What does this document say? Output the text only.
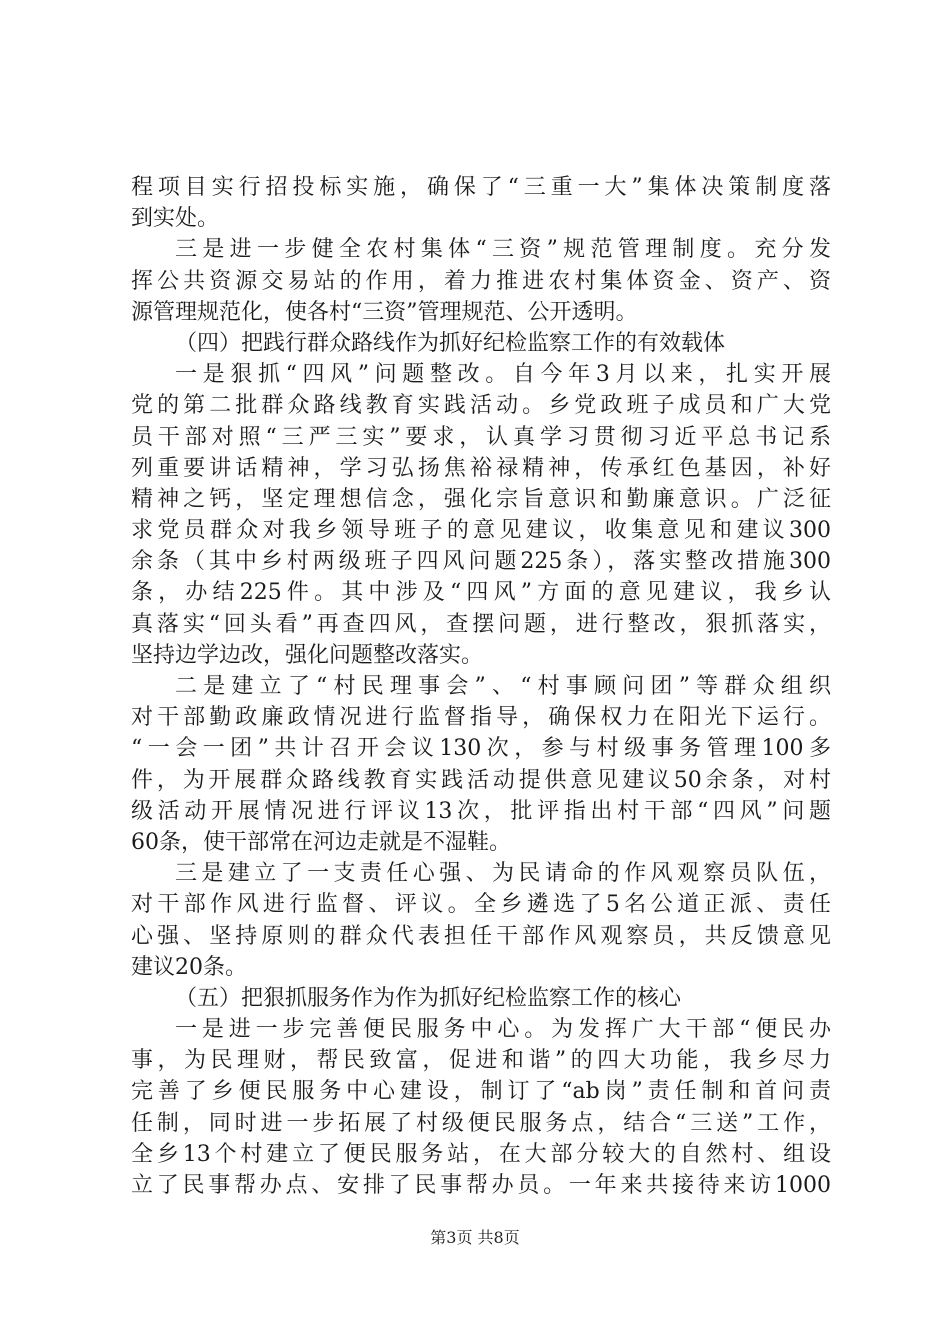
程项目实行招投标实施，确保了“三重一大”集体决策制度落
到实处。
三是进一步健全农村集体“三资”规范管理制度。充分发
挥公共资源交易站的作用，着力推进农村集体资金、资产、资
源管理规范化，使各村“三资”管理规范、公开透明。
（四）把践行群众路线作为抓好纪检监察工作的有效载体
一是狠抓“四风”问题整改。自今年3月以来，扎实开展
党的第二批群众路线教育实践活动。乡党政班子成员和广大党
员干部对照“三严三实”要求，认真学习贯彻习近平总书记系
列重要讲话精神，学习弘扬焦裕禄精神，传承红色基因，补好
精神之钙，坚定理想信念，强化宗旨意识和勤廉意识。广泛征
求党员群众对我乡领导班子的意见建议，收集意见和建议300
余条（其中乡村两级班子四风问题225条），落实整改措施300
条，办结225件。其中涉及“四风”方面的意见建议，我乡认
真落实“回头看”再查四风，查摆问题，进行整改，狠抓落实，
坚持边学边改，强化问题整改落实。
二是建立了“村民理事会”、“村事顾问团”等群众组织
对干部勤政廉政情况进行监督指导，确保权力在阳光下运行。
“一会一团”共计召开会议130次，参与村级事务管理100多
件，为开展群众路线教育实践活动提供意见建议50余条，对村
级活动开展情况进行评议13次，批评指出村干部“四风”问题
60条，使干部常在河边走就是不湿鞋。
三是建立了一支责任心强、为民请命的作风观察员队伍，
对干部作风进行监督、评议。全乡遴选了5名公道正派、责任
心强、坚持原则的群众代表担任干部作风观察员，共反馈意见
建议20条。
（五）把狠抓服务作为作为抓好纪检监察工作的核心
一是进一步完善便民服务中心。为发挥广大干部“便民办
事，为民理财，帮民致富，促进和谐”的四大功能，我乡尽力
完善了乡便民服务中心建设，制订了“ab岗”责任制和首问责
任制，同时进一步拓展了村级便民服务点，结合“三送”工作，
全乡13个村建立了便民服务站，在大部分较大的自然村、组设
立了民事帮办点、安排了民事帮办员。一年来共接待来访1000
第3页 共8页
